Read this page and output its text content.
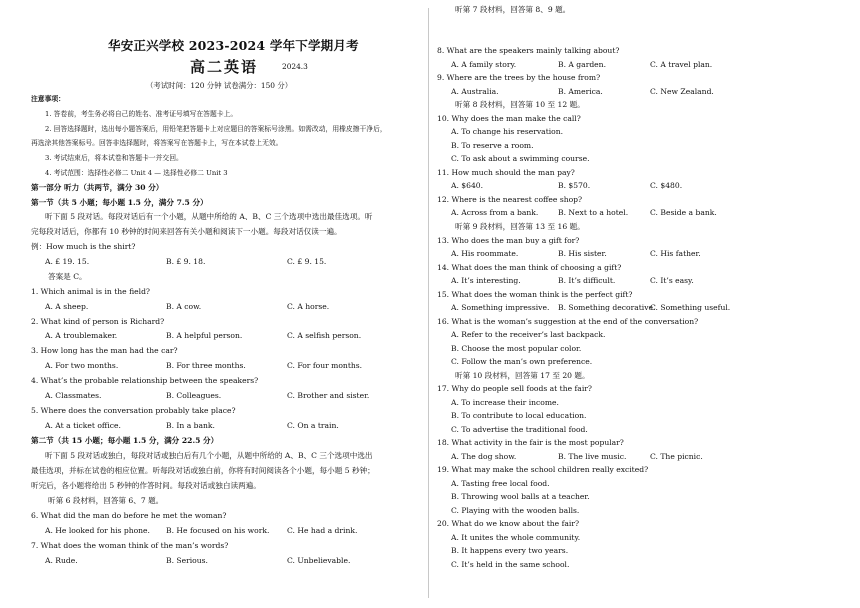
华安正兴学校 2023-2024 学年下学期月考
高二英语	2024.3
（考试时间：120 分钟 试卷满分：150 分）
注意事项：
1. 答卷前，考生务必将自己的姓名、准考证号填写在答题卡上。
2. 回答选择题时，选出每小题答案后，用铅笔把答题卡上对应题目的答案标号涂黑。如需改动，用橡皮擦干净后，
再选涂其他答案标号。回答非选择题时，将答案写在答题卡上，写在本试卷上无效。
3. 考试结束后，将本试卷和答题卡一并交回。
4. 考试范围：选择性必修二 Unit 4 — 选择性必修二 Unit 3
第一部分 听力（共两节，满分 30 分）
第一节（共 5 小题；每小题 1.5 分，满分 7.5 分）
听下面 5 段对话。每段对话后有一个小题，从题中所给的 A、B、C 三个选项中选出最佳选项。听
完每段对话后，你都有 10 秒钟的时间来回答有关小题和阅读下一小题。每段对话仅读一遍。
例：How much is the shirt?
A. £ 19. 15.	B. £ 9. 18.	C. £ 9. 15.
答案是 C。
1. Which animal is in the field?
A. A sheep.	B. A cow.	C. A horse.
2. What kind of person is Richard?
A. A troublemaker.	B. A helpful person.	C. A selfish person.
3. How long has the man had the car?
A. For two months.	B. For three months.	C. For four months.
4. What’s the probable relationship between the speakers?
A. Classmates.	B. Colleagues.	C. Brother and sister.
5. Where does the conversation probably take place?
A. At a ticket office.	B. In a bank.	C. On a train.
第二节（共 15 小题；每小题 1.5 分，满分 22.5 分）
听下面 5 段对话或独白，每段对话或独白后有几个小题，从题中所给的 A、B、C 三个选项中选出
最佳选项，并标在试卷的相应位置。听每段对话或独白前，你将有时间阅读各个小题，每小题 5 秒钟；
听完后，各小题将给出 5 秒钟的作答时间。每段对话或独白读两遍。
听第 6 段材料，回答第 6、7 题。
6. What did the man do before he met the woman?
A. He looked for his phone. B. He focused on his work. C. He had a drink.
7. What does the woman think of the man’s words?
A. Rude.	B. Serious.	C. Unbelievable.
听第 7 段材料，回答第 8、9 题。
8. What are the speakers mainly talking about?
A. A family story.	B. A garden.	C. A travel plan.
9. Where are the trees by the house from?
A. Australia.	B. America.	C. New Zealand.
听第 8 段材料，回答第 10 至 12 题。
10. Why does the man make the call?
A. To change his reservation.
B. To reserve a room.
C. To ask about a swimming course.
11. How much should the man pay?
A. $640.	B. $570.	C. $480.
12. Where is the nearest coffee shop?
A. Across from a bank.	B. Next to a hotel.	C. Beside a bank.
听第 9 段材料，回答第 13 至 16 题。
13. Who does the man buy a gift for?
A. His roommate.	B. His sister.	C. His father.
14. What does the man think of choosing a gift?
A. It’s interesting.	B. It’s difficult.	C. It’s easy.
15. What does the woman think is the perfect gift?
A. Something impressive. B. Something decorative.
C. Something useful.
16. What is the woman’s suggestion at the end of the conversation?
A. Refer to the receiver’s last backpack.
B. Choose the most popular color.
C. Follow the man’s own preference.
听第 10 段材料，回答第 17 至 20 题。
17. Why do people sell foods at the fair?
A. To increase their income.
B. To contribute to local education.
C. To advertise the traditional food.
18. What activity in the fair is the most popular?
A. The dog show.	B. The live music.	C. The picnic.
19. What may make the school children really excited?
A. Tasting free local food.
B. Throwing wool balls at a teacher.
C. Playing with the wooden balls.
20. What do we know about the fair?
A. It unites the whole community.
B. It happens every two years.
C. It’s held in the same school.
